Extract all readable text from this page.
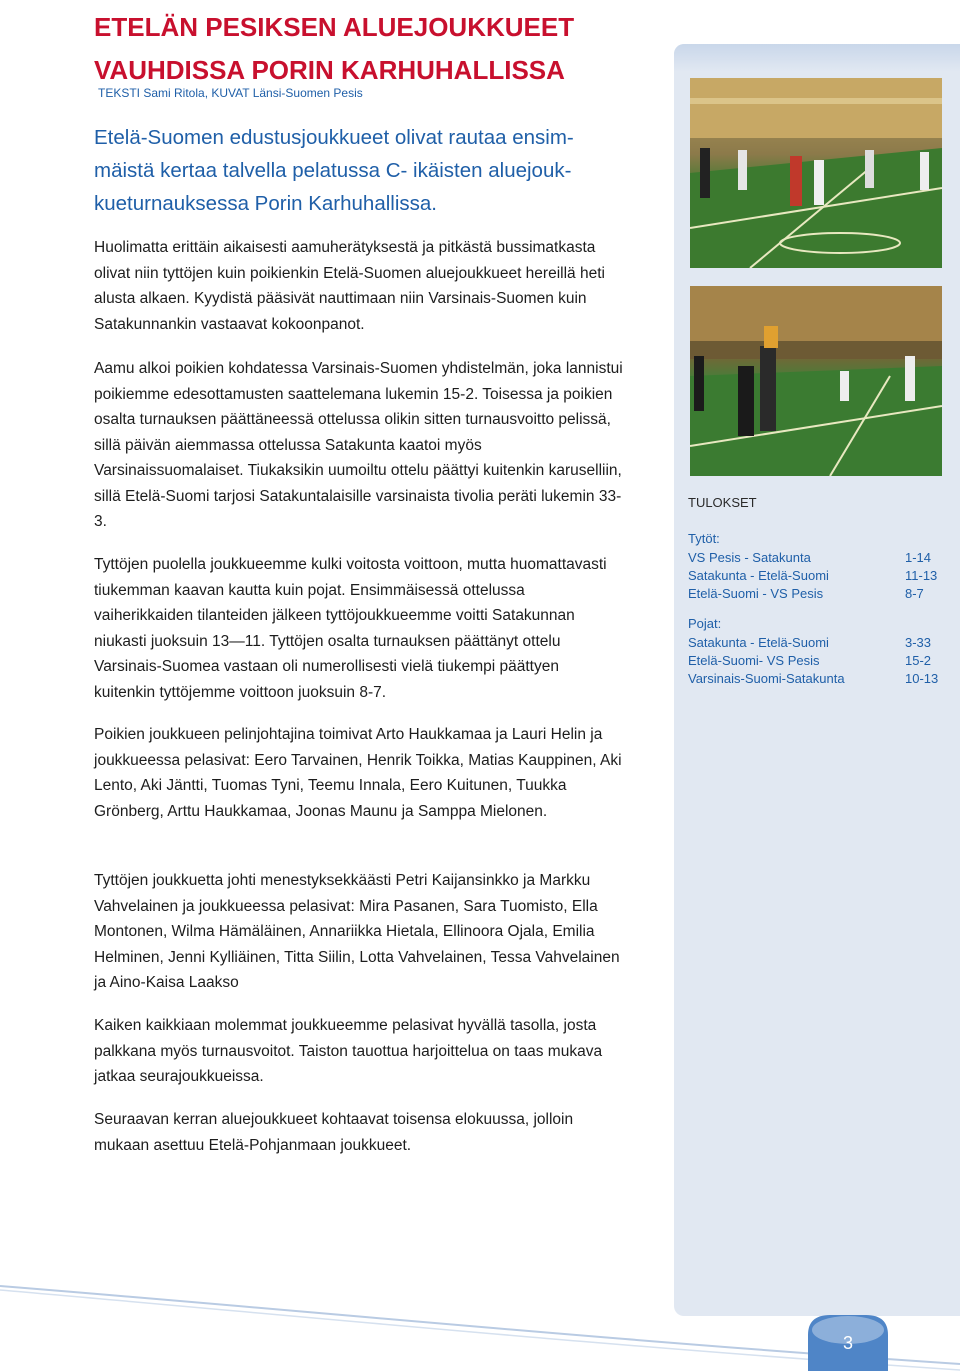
ETELÄN PESIKSEN ALUEJOUKKUEET
VAUHDISSA PORIN KARHUHALLISSA
TEKSTI Sami Ritola, KUVAT Länsi-Suomen Pesis

Etelä-Suomen edustusjoukkueet olivat rautaa ensim-mäistä kertaa talvella pelatussa C- ikäisten aluejouk-kueturnauksessa Porin Karhuhallissa.

Huolimatta erittäin aikaisesti aamuherätyksestä ja pitkästä bussimatkasta olivat niin tyttöjen kuin poikienkin Etelä-Suomen aluejoukkueet hereillä heti alusta alkaen. Kyydistä pääsivät nauttimaan niin Varsinais-Suomen kuin Satakunnankin vastaavat kokoonpanot.

Aamu alkoi poikien kohdatessa Varsinais-Suomen yhdistelmän, joka lannistui poikiemme edesottamusten saattelemana lukemin 15-2. Toisessa ja poikien osalta turnauksen päättäneessä ottelussa olikin sitten turnausvoitto pelissä, sillä päivän aiemmassa ottelussa Satakunta kaatoi myös Varsinaissuomalaiset. Tiukaksikin uumoiltu ottelu päättyi kuitenkin karuselliin, sillä Etelä-Suomi tarjosi Satakuntalaisille varsinaista tivolia peräti lukemin 33-3.

Tyttöjen puolella joukkueemme kulki voitosta voittoon, mutta huomattavasti tiukemman kaavan kautta kuin pojat. Ensimmäisessä ottelussa vaiherikkaiden tilanteiden jälkeen tyttöjoukkueemme voitti Satakunnan niukasti juoksuin 13—11. Tyttöjen osalta turnauksen päättänyt ottelu Varsinais-Suomea vastaan oli numerollisesti vielä tiukempi päättyen kuitenkin tyttöjemme voittoon juoksuin 8-7.

Poikien joukkueen pelinjohtajina toimivat Arto Haukkamaa ja Lauri Helin ja joukkueessa pelasivat: Eero Tarvainen, Henrik Toikka, Matias Kauppinen, Aki Lento, Aki Jäntti, Tuomas Tyni, Teemu Innala, Eero Kuitunen, Tuukka Grönberg, Arttu Haukkamaa, Joonas Maunu ja Samppa Mielonen.

Tyttöjen joukkuetta johti menestyksekkäästi Petri Kaijansinkko ja Markku Vahvelainen ja joukkueessa pelasivat: Mira Pasanen, Sara Tuomisto, Ella Montonen, Wilma Hämäläinen, Annariikka Hietala, Ellinoora Ojala, Emilia Helminen, Jenni Kylliäinen, Titta Siilin, Lotta Vahvelainen, Tessa Vahvelainen ja Aino-Kaisa Laakso

Kaiken kaikkiaan molemmat joukkueemme pelasivat hyvällä tasolla, josta palkkana myös turnausvoitot. Taiston tauottua harjoittelua on taas mukava jatkaa seurajoukkueissa.

Seuraavan kerran aluejoukkueet kohtaavat toisensa elokuussa, jolloin mukaan asettuu Etelä-Pohjanmaan joukkueet.

TULOKSET
Tytöt:
VS Pesis - Satakunta	1-14
Satakunta - Etelä-Suomi	11-13
Etelä-Suomi - VS Pesis	8-7
Pojat:
Satakunta - Etelä-Suomi	3-33
Etelä-Suomi- VS Pesis	15-2
Varsinais-Suomi-Satakunta	10-13
3
